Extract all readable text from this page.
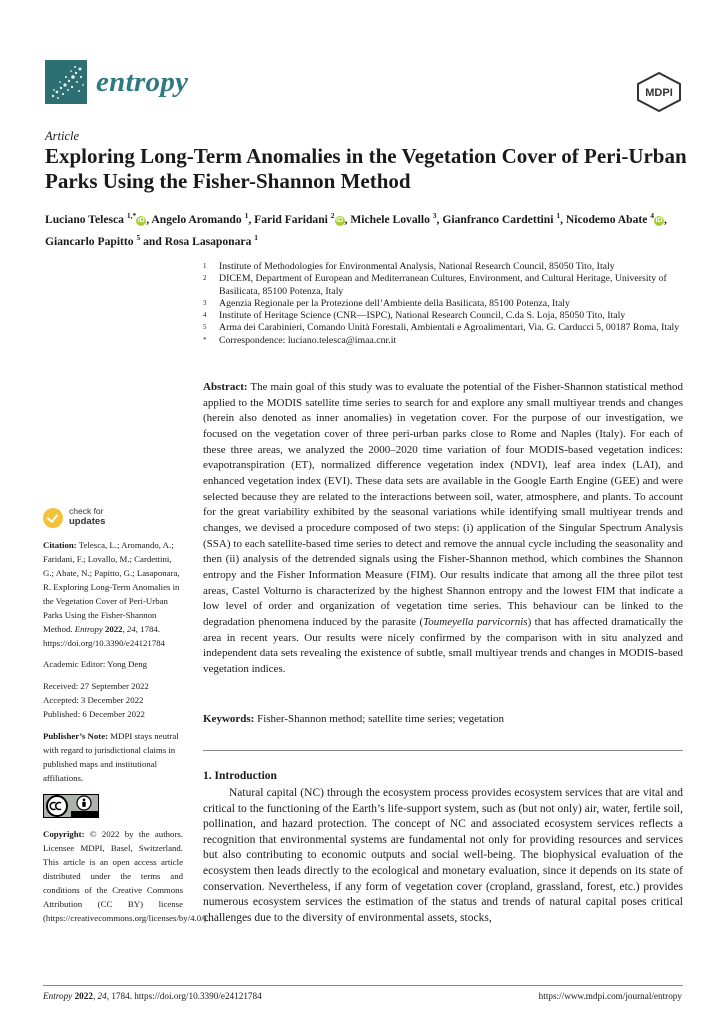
entropy	MDPI
Article
Exploring Long-Term Anomalies in the Vegetation Cover of Peri-Urban Parks Using the Fisher-Shannon Method
Luciano Telesca $^{1,*}$iD , Angelo Aromando $^1$, Farid Faridani $^2$iD , Michele Lovallo $^3$, Gianfranco Cardettini $^1$, Nicodemo Abate $^4$iD , Giancarlo Papitto $^5$ and Rosa Lasaponara $^1$
1	Institute of Methodologies for Environmental Analysis, National Research Council, 85050 Tito, Italy
2	DICEM, Department of European and Mediterranean Cultures, Environment, and Cultural Heritage, University of Basilicata, 85100 Potenza, Italy
3	Agenzia Regionale per la Protezione dell’Ambiente della Basilicata, 85100 Potenza, Italy
4	Institute of Heritage Science (CNR—ISPC), National Research Council, C.da S. Loja, 85050 Tito, Italy
5	Arma dei Carabinieri, Comando Unità Forestali, Ambientali e Agroalimentari, Via. G. Carducci 5, 00187 Roma, Italy
*	Correspondence: luciano.telesca@imaa.cnr.it
Abstract: The main goal of this study was to evaluate the potential of the Fisher-Shannon statistical method applied to the MODIS satellite time series to search for and explore any small multiyear trends and changes (herein also denoted as inner anomalies) in vegetation cover. For the purpose of our investigation, we focused on the vegetation cover of three peri-urban parks close to Rome and Naples (Italy). For each of these three areas, we analyzed the 2000–2020 time variation of four MODIS-based vegetation indices: evapotranspiration (ET), normalized difference vegetation index (NDVI), leaf area index (LAI), and enhanced vegetation index (EVI). These data sets are available in the Google Earth Engine (GEE) and were selected because they are related to the interactions between soil, water, atmosphere, and plants. To account for the great variability exhibited by the seasonal variations while identifying small multiyear trends and changes, we devised a procedure composed of two steps: (i) application of the Singular Spectrum Analysis (SSA) to each satellite-based time series to detect and remove the annual cycle including the seasonality and then (ii) analysis of the detrended signals using the Fisher-Shannon method, which combines the Shannon entropy and the Fisher Information Measure (FIM). Our results indicate that among all the three pilot test areas, Castel Volturno is characterized by the highest Shannon entropy and the lowest FIM that indicate a low level of order and organization of vegetation time series. This behaviour can be linked to the degradation phenomena induced by the parasite (Toumeyella parvicornis) that has affected dramatically the area in recent years. Our results were nicely confirmed by the comparison with in situ analyzed and independent data sets revealing the existence of subtle, small multiyear trends and changes in MODIS-based vegetation indices.
Keywords: Fisher-Shannon method; satellite time series; vegetation
check for
updates
Citation: Telesca, L.; Aromando, A.; Faridani, F.; Lovallo, M.; Cardettini, G.; Abate, N.; Papitto, G.; Lasaponara, R. Exploring Long-Term Anomalies in the Vegetation Cover of Peri-Urban Parks Using the Fisher-Shannon Method. Entropy 2022, 24, 1784. https://doi.org/10.3390/e24121784
Academic Editor: Yong Deng
Received: 27 September 2022
Accepted: 3 December 2022
Published: 6 December 2022
Publisher’s Note: MDPI stays neutral with regard to jurisdictional claims in published maps and institutional affiliations.
Copyright: © 2022 by the authors. Licensee MDPI, Basel, Switzerland. This article is an open access article distributed under the terms and conditions of the Creative Commons Attribution (CC BY) license (https://creativecommons.org/licenses/by/4.0/).
1. Introduction
Natural capital (NC) through the ecosystem process provides ecosystem services that are vital and critical to the functioning of the Earth’s life-support system, such as (but not only) air, water, fertile soil, pollination, and hazard protection. The concept of NC and associated ecosystem services reflects a recognition that environmental systems are fundamental not only for providing resources and services but also contributing to economic outputs and social well-being. The biophysical evaluation of the ecosystem then leads directly to the ecological and monetary evaluation, since it depends on its state of conservation. Nevertheless, if any form of vegetation cover (cropland, grassland, forest, etc.) provides numerous ecosystem services the estimation of the status and trends of natural capital poses critical challenges due to the diversity of environmental assets, stocks,
Entropy 2022, 24, 1784. https://doi.org/10.3390/e24121784	https://www.mdpi.com/journal/entropy
